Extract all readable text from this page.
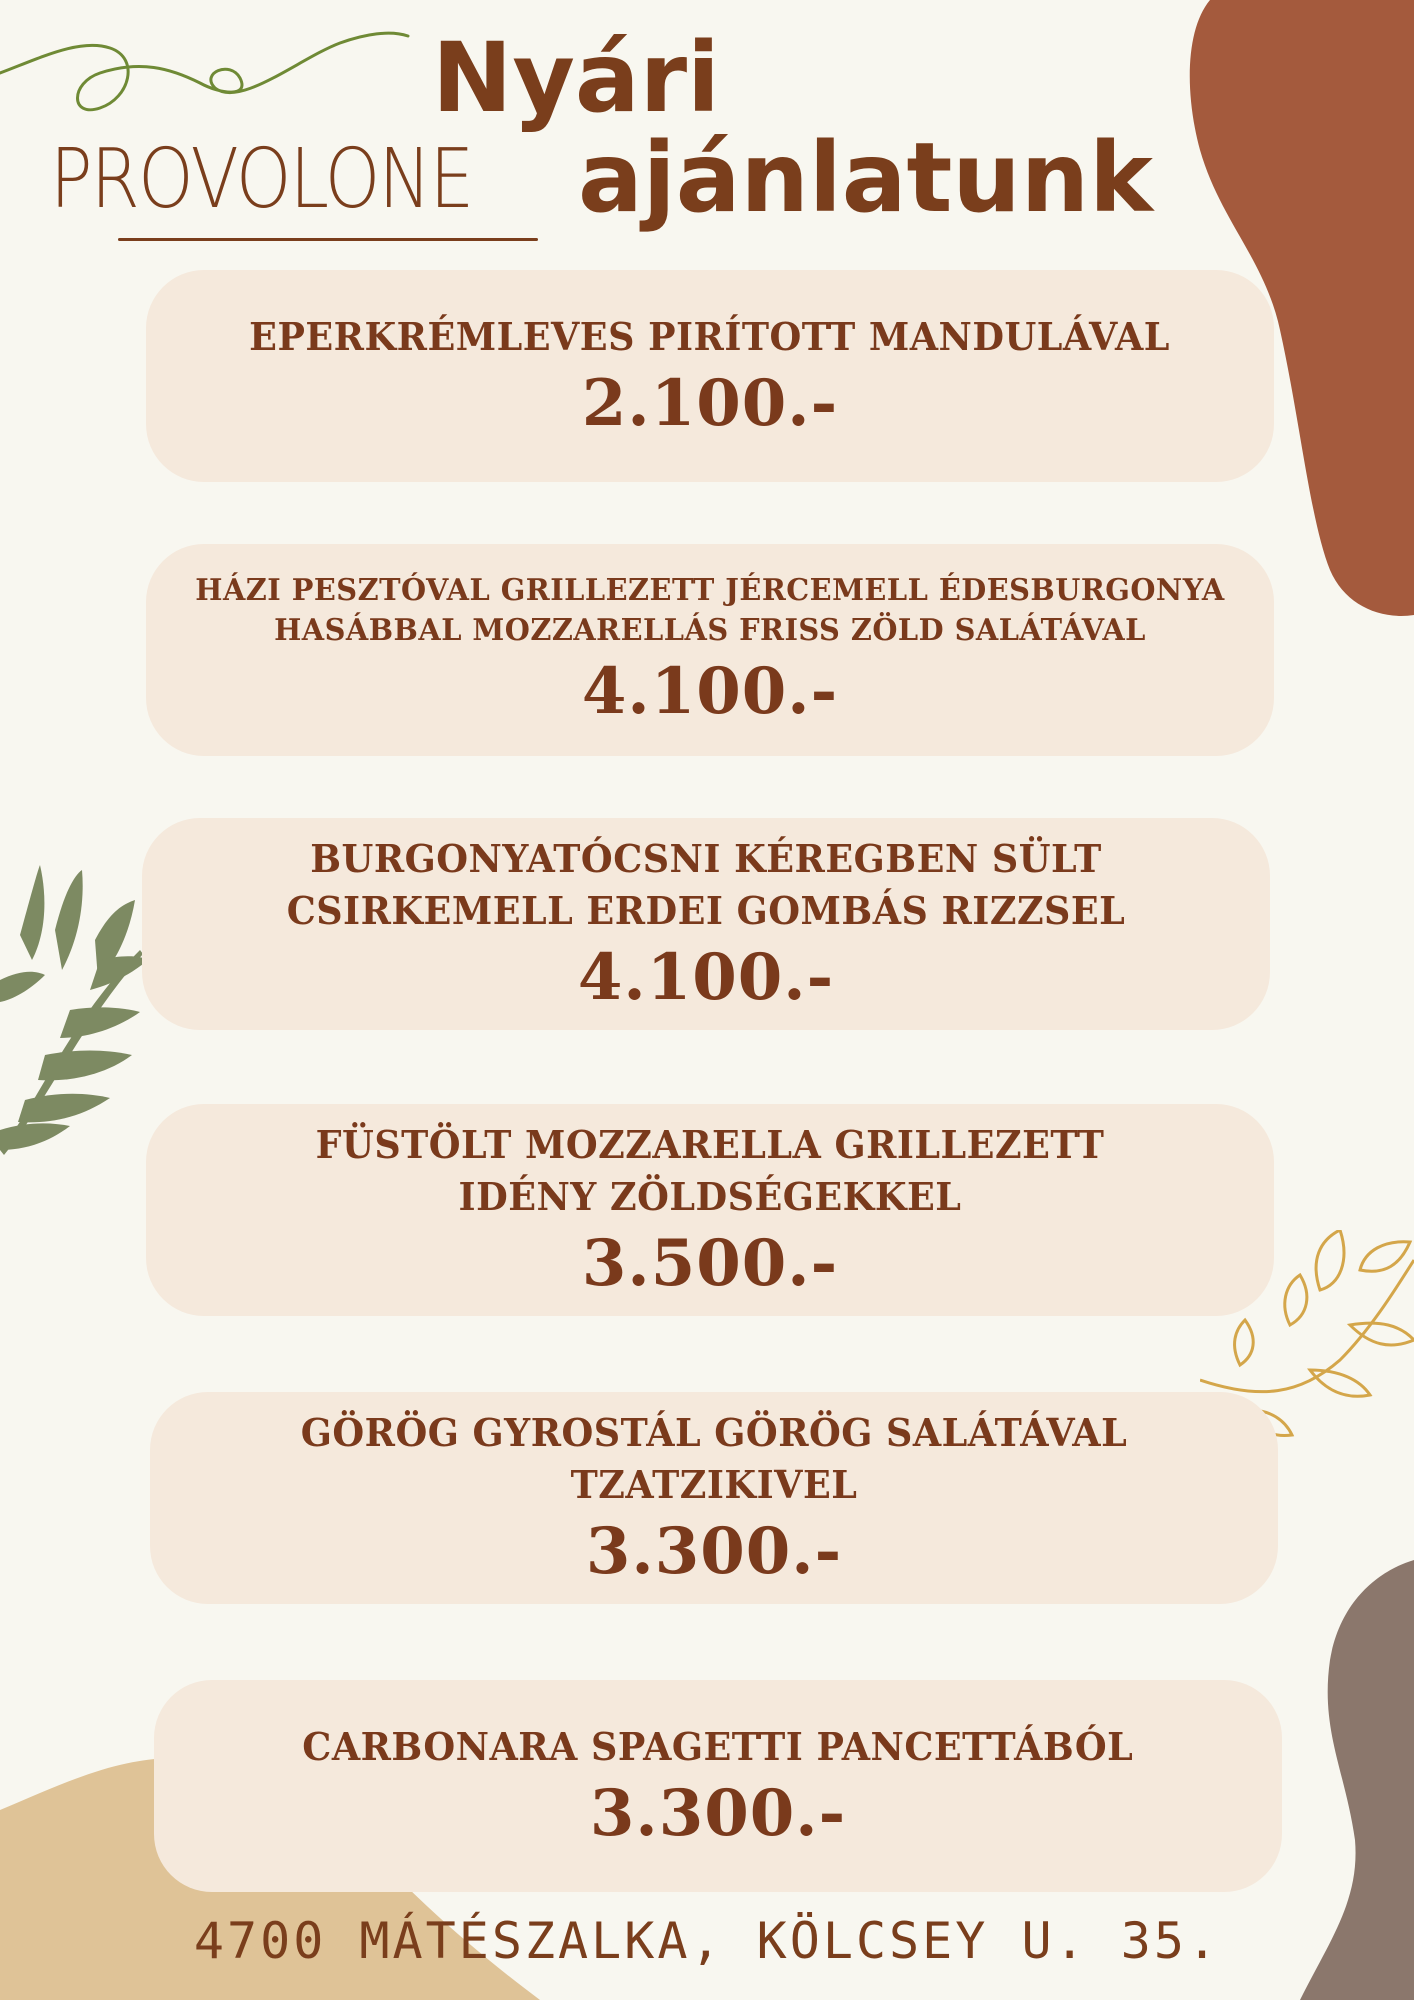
PROVOLONE
Nyári
ajánlatunk
EPERKRÉMLEVES PIRÍTOTT MANDULÁVAL
2.100.-
HÁZI PESZTÓVAL GRILLEZETT JÉRCEMELL ÉDESBURGONYA HASÁBBAL MOZZARELLÁS FRISS ZÖLD SALÁTÁVAL
4.100.-
BURGONYATÓCSNI KÉREGBEN SÜLT CSIRKEMELL ERDEI GOMBÁS RIZZSEL
4.100.-
FÜSTÖLT MOZZARELLA GRILLEZETT IDÉNY ZÖLDSÉGEKKEL
3.500.-
GÖRÖG GYROSTÁL GÖRÖG SALÁTÁVAL TZATZIKIVEL
3.300.-
CARBONARA SPAGETTI PANCETTÁBÓL
3.300.-
4700 MÁTÉSZALKA, KÖLCSEY U. 35.
